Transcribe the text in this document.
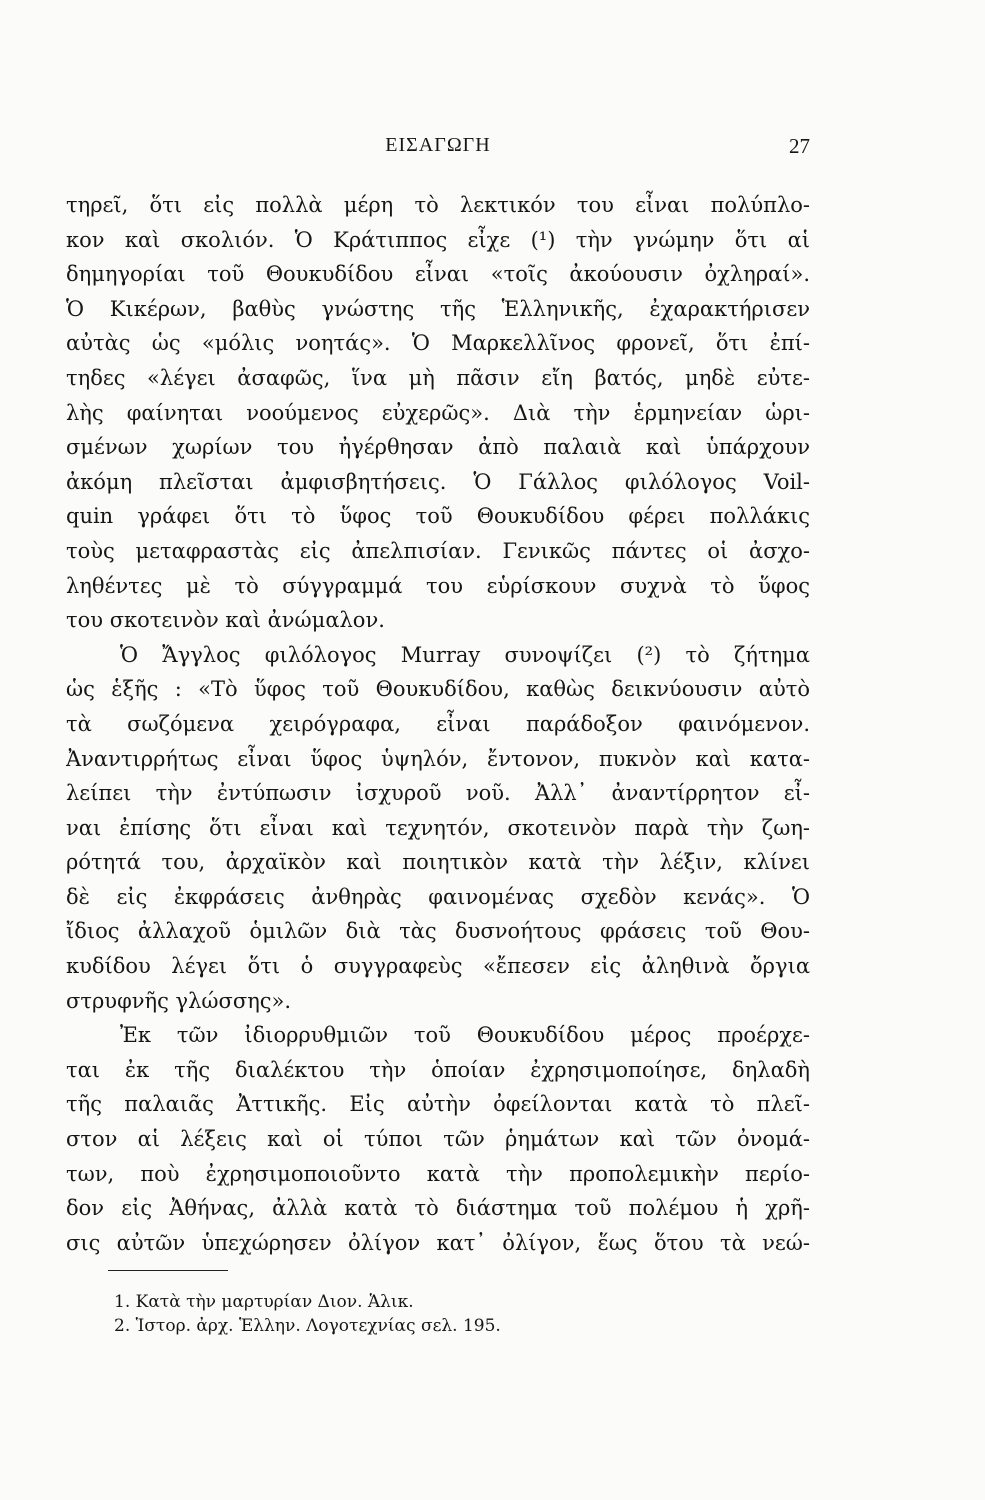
ΕΙΣΑΓΩΓΗ	27
τηρεῖ, ὅτι εἰς πολλὰ μέρη τὸ λεκτικόν του εἶναι πολύπλο-
κον καὶ σκολιόν. Ὁ Κράτιππος εἶχε (¹) τὴν γνώμην ὅτι αἱ
δημηγορίαι τοῦ Θουκυδίδου εἶναι «τοῖς ἀκούουσιν ὀχληραί».
Ὁ Κικέρων, βαθὺς γνώστης τῆς Ἑλληνικῆς, ἐχαρακτήρισεν
αὐτὰς ὡς «μόλις νοητάς». Ὁ Μαρκελλῖνος φρονεῖ, ὅτι ἐπί-
τηδες «λέγει ἀσαφῶς, ἵνα μὴ πᾶσιν εἴη βατός, μηδὲ εὐτε-
λὴς φαίνηται νοούμενος εὐχερῶς». Διὰ τὴν ἑρμηνείαν ὡρι-
σμένων χωρίων του ἠγέρθησαν ἀπὸ παλαιὰ καὶ ὑπάρχουν
ἀκόμη πλεῖσται ἀμφισβητήσεις. Ὁ Γάλλος φιλόλογος Voil-
quin γράφει ὅτι τὸ ὕφος τοῦ Θουκυδίδου φέρει πολλάκις
τοὺς μεταφραστὰς εἰς ἀπελπισίαν. Γενικῶς πάντες οἱ ἀσχο-
ληθέντες μὲ τὸ σύγγραμμά του εὑρίσκουν συχνὰ τὸ ὕφος
του σκοτεινὸν καὶ ἀνώμαλον.
Ὁ Ἄγγλος φιλόλογος Murray συνοψίζει (²) τὸ ζήτημα
ὡς ἑξῆς : «Τὸ ὕφος τοῦ Θουκυδίδου, καθὼς δεικνύουσιν αὐτὸ
τὰ σωζόμενα χειρόγραφα, εἶναι παράδοξον φαινόμενον.
Ἀναντιρρήτως εἶναι ὕφος ὑψηλόν, ἔντονον, πυκνὸν καὶ κατα-
λείπει τὴν ἐντύπωσιν ἰσχυροῦ νοῦ. Ἀλλ᾽ ἀναντίρρητον εἶ-
ναι ἐπίσης ὅτι εἶναι καὶ τεχνητόν, σκοτεινὸν παρὰ τὴν ζωη-
ρότητά του, ἀρχαϊκὸν καὶ ποιητικὸν κατὰ τὴν λέξιν, κλίνει
δὲ εἰς ἐκφράσεις ἀνθηρὰς φαινομένας σχεδὸν κενάς». Ὁ
ἴδιος ἀλλαχοῦ ὁμιλῶν διὰ τὰς δυσνοήτους φράσεις τοῦ Θου-
κυδίδου λέγει ὅτι ὁ συγγραφεὺς «ἔπεσεν εἰς ἀληθινὰ ὄργια
στρυφνῆς γλώσσης».
Ἐκ τῶν ἰδιορρυθμιῶν τοῦ Θουκυδίδου μέρος προέρχε-
ται ἐκ τῆς διαλέκτου τὴν ὁποίαν ἐχρησιμοποίησε, δηλαδὴ
τῆς παλαιᾶς Ἀττικῆς. Εἰς αὐτὴν ὀφείλονται κατὰ τὸ πλεῖ-
στον αἱ λέξεις καὶ οἱ τύποι τῶν ῥημάτων καὶ τῶν ὀνομά-
των, ποὺ ἐχρησιμοποιοῦντο κατὰ τὴν προπολεμικὴν περίο-
δον εἰς Ἀθήνας, ἀλλὰ κατὰ τὸ διάστημα τοῦ πολέμου ἡ χρῆ-
σις αὐτῶν ὑπεχώρησεν ὀλίγον κατ᾽ ὀλίγον, ἕως ὅτου τὰ νεώ-
1. Κατὰ τὴν μαρτυρίαν Διον. Ἁλικ.
2. Ἱστορ. ἀρχ. Ἑλλην. Λογοτεχνίας σελ. 195.
